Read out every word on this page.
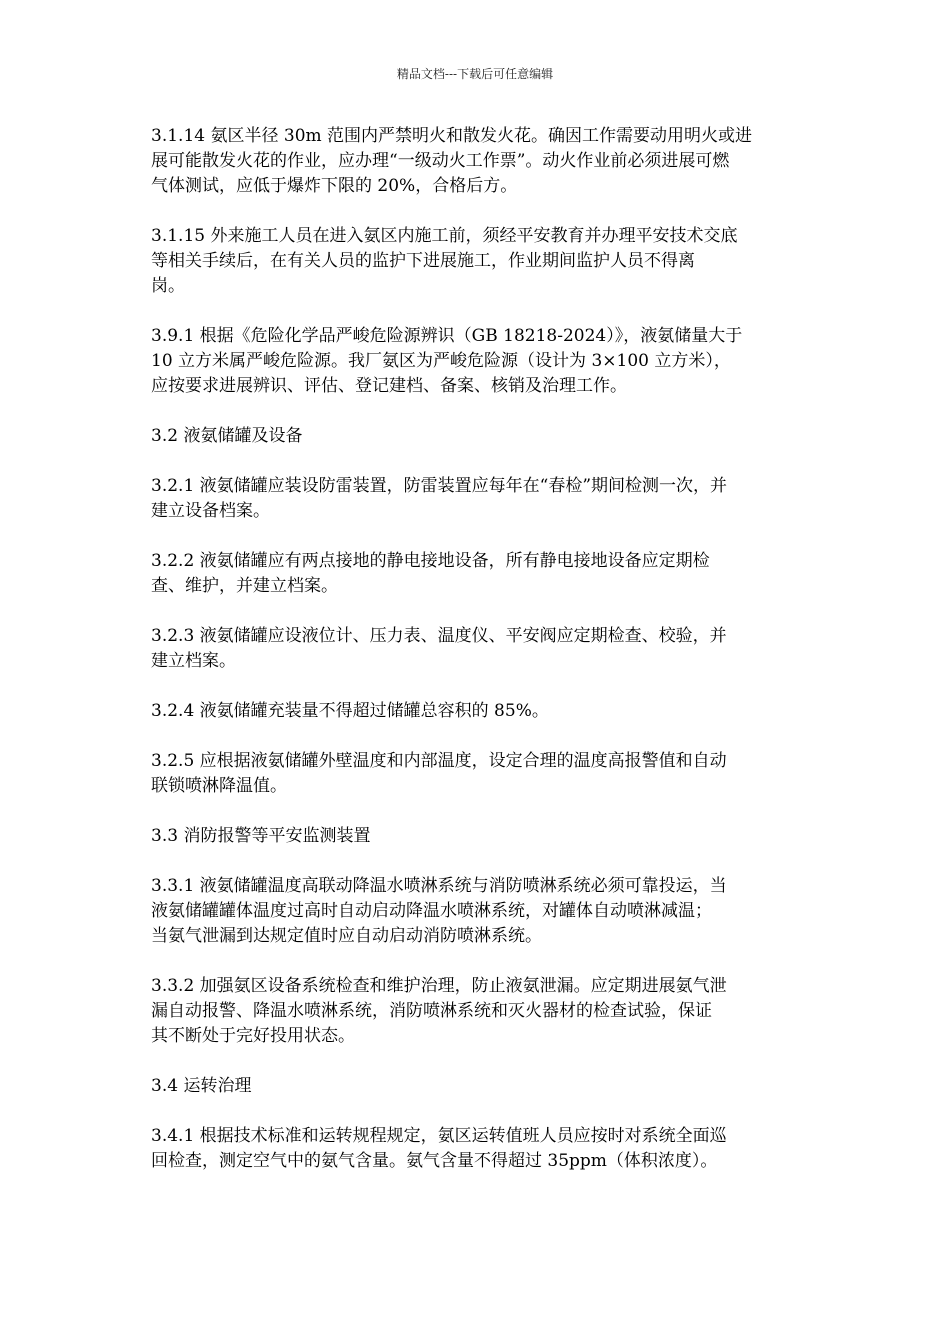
精品文档---下载后可任意编辑
3.1.14 氨区半径 30m 范围内严禁明火和散发火花。确因工作需要动用明火或进
展可能散发火花的作业，应办理“一级动火工作票”。动火作业前必须进展可燃
气体测试，应低于爆炸下限的 20%，合格后方。
3.1.15 外来施工人员在进入氨区内施工前，须经平安教育并办理平安技术交底
等相关手续后，在有关人员的监护下进展施工，作业期间监护人员不得离
岗。
3.9.1 根据《危险化学品严峻危险源辨识（GB 18218-2024）》，液氨储量大于
10 立方米属严峻危险源。我厂氨区为严峻危险源（设计为 3×100 立方米），
应按要求进展辨识、评估、登记建档、备案、核销及治理工作。
3.2 液氨储罐及设备
3.2.1 液氨储罐应装设防雷装置，防雷装置应每年在“春检”期间检测一次，并
建立设备档案。
3.2.2 液氨储罐应有两点接地的静电接地设备，所有静电接地设备应定期检
查、维护，并建立档案。
3.2.3 液氨储罐应设液位计、压力表、温度仪、平安阀应定期检查、校验，并
建立档案。
3.2.4 液氨储罐充装量不得超过储罐总容积的 85%。
3.2.5 应根据液氨储罐外壁温度和内部温度，设定合理的温度高报警值和自动
联锁喷淋降温值。
3.3 消防报警等平安监测装置
3.3.1 液氨储罐温度高联动降温水喷淋系统与消防喷淋系统必须可靠投运，当
液氨储罐罐体温度过高时自动启动降温水喷淋系统，对罐体自动喷淋减温；
当氨气泄漏到达规定值时应自动启动消防喷淋系统。
3.3.2 加强氨区设备系统检查和维护治理，防止液氨泄漏。应定期进展氨气泄
漏自动报警、降温水喷淋系统，消防喷淋系统和灭火器材的检查试验，保证
其不断处于完好投用状态。
3.4 运转治理
3.4.1 根据技术标准和运转规程规定，氨区运转值班人员应按时对系统全面巡
回检查，测定空气中的氨气含量。氨气含量不得超过 35ppm（体积浓度）。
